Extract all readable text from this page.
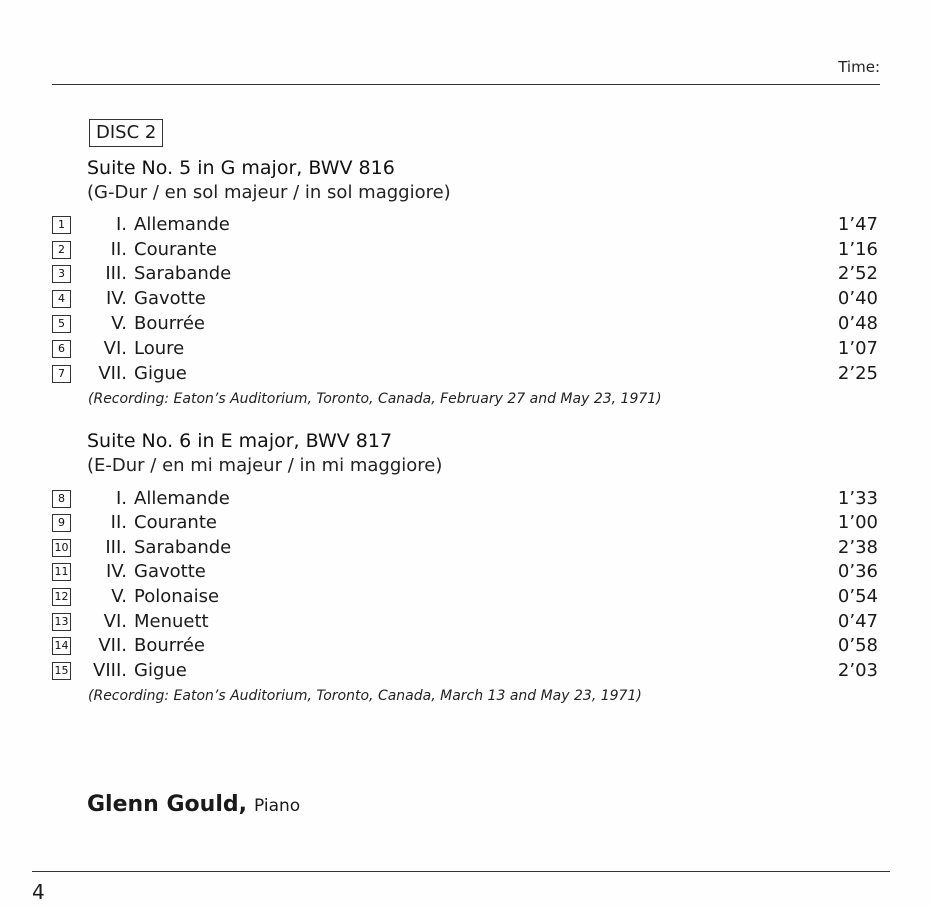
Time:
DISC 2
Suite No. 5 in G major, BWV 816
(G-Dur / en sol majeur / in sol maggiore)
1	I. Allemande	1’47
2	II. Courante	1’16
3	III. Sarabande	2’52
4	IV. Gavotte	0’40
5	V. Bourrée	0’48
6	VI. Loure	1’07
7	VII. Gigue	2’25
(Recording: Eaton’s Auditorium, Toronto, Canada, February 27 and May 23, 1971)
Suite No. 6 in E major, BWV 817
(E-Dur / en mi majeur / in mi maggiore)
8	I. Allemande	1’33
9	II. Courante	1’00
10	III. Sarabande	2’38
11	IV. Gavotte	0’36
12	V. Polonaise	0’54
13	VI. Menuett	0’47
14	VII. Bourrée	0’58
15	VIII. Gigue	2’03
(Recording: Eaton’s Auditorium, Toronto, Canada, March 13 and May 23, 1971)
Glenn Gould, Piano
4
